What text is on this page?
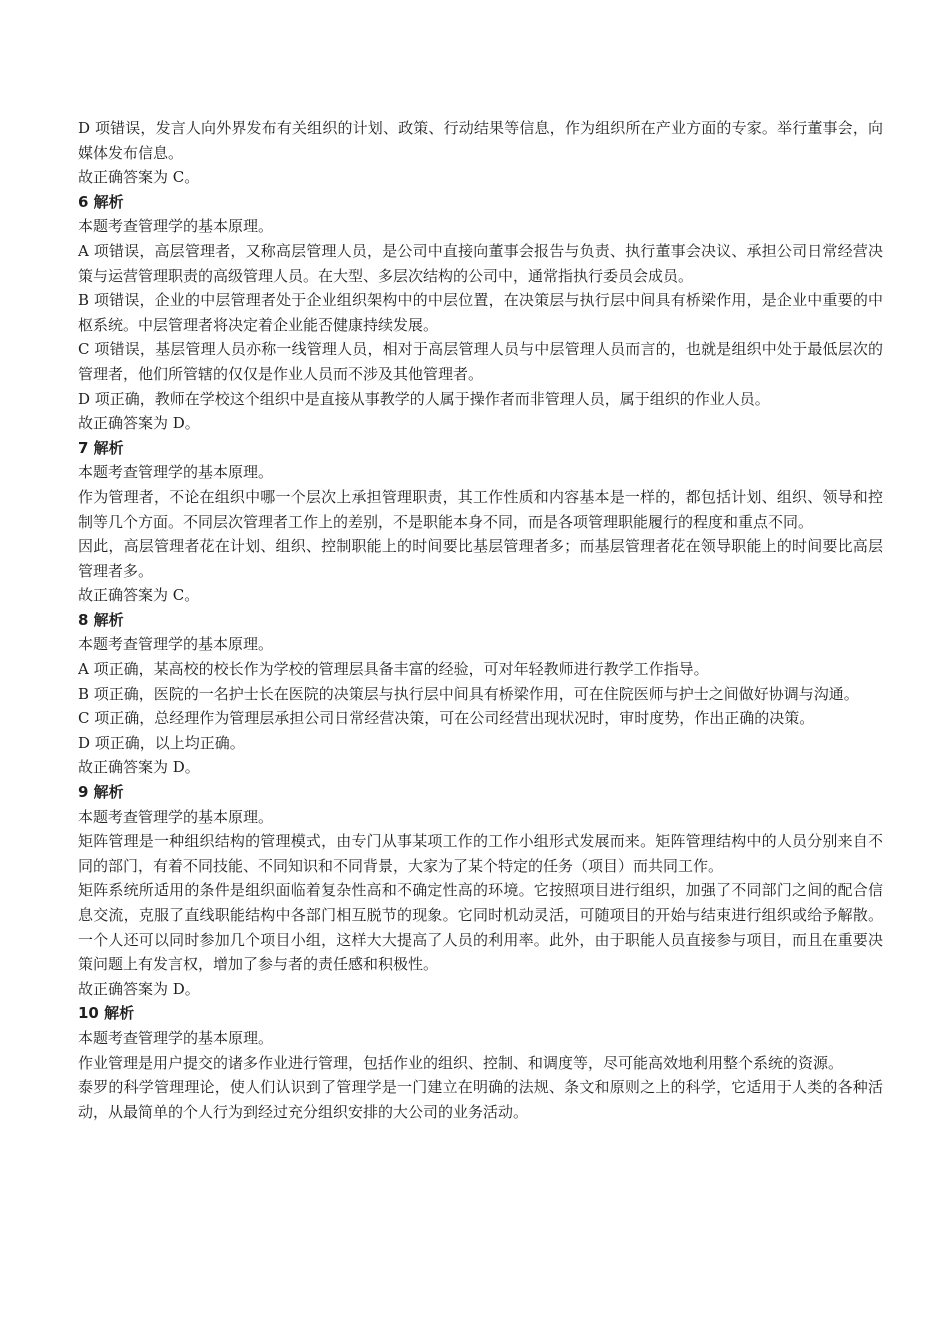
D 项错误，发言人向外界发布有关组织的计划、政策、行动结果等信息，作为组织所在产业方面的专家。举行董事会，向媒体发布信息。

故正确答案为 C。

6 解析

本题考查管理学的基本原理。

A 项错误，高层管理者，又称高层管理人员，是公司中直接向董事会报告与负责、执行董事会决议、承担公司日常经营决策与运营管理职责的高级管理人员。在大型、多层次结构的公司中，通常指执行委员会成员。

B 项错误，企业的中层管理者处于企业组织架构中的中层位置，在决策层与执行层中间具有桥梁作用，是企业中重要的中枢系统。中层管理者将决定着企业能否健康持续发展。

C 项错误，基层管理人员亦称一线管理人员，相对于高层管理人员与中层管理人员而言的，也就是组织中处于最低层次的管理者，他们所管辖的仅仅是作业人员而不涉及其他管理者。

D 项正确，教师在学校这个组织中是直接从事教学的人属于操作者而非管理人员，属于组织的作业人员。

故正确答案为 D。

7 解析

本题考查管理学的基本原理。

作为管理者，不论在组织中哪一个层次上承担管理职责，其工作性质和内容基本是一样的，都包括计划、组织、领导和控制等几个方面。不同层次管理者工作上的差别，不是职能本身不同，而是各项管理职能履行的程度和重点不同。

因此，高层管理者花在计划、组织、控制职能上的时间要比基层管理者多；而基层管理者花在领导职能上的时间要比高层管理者多。

故正确答案为 C。

8 解析

本题考查管理学的基本原理。

A 项正确，某高校的校长作为学校的管理层具备丰富的经验，可对年轻教师进行教学工作指导。

B 项正确，医院的一名护士长在医院的决策层与执行层中间具有桥梁作用，可在住院医师与护士之间做好协调与沟通。

C 项正确，总经理作为管理层承担公司日常经营决策，可在公司经营出现状况时，审时度势，作出正确的决策。

D 项正确，以上均正确。

故正确答案为 D。

9 解析

本题考查管理学的基本原理。

矩阵管理是一种组织结构的管理模式，由专门从事某项工作的工作小组形式发展而来。矩阵管理结构中的人员分别来自不同的部门，有着不同技能、不同知识和不同背景，大家为了某个特定的任务（项目）而共同工作。

矩阵系统所适用的条件是组织面临着复杂性高和不确定性高的环境。它按照项目进行组织，加强了不同部门之间的配合信息交流，克服了直线职能结构中各部门相互脱节的现象。它同时机动灵活，可随项目的开始与结束进行组织或给予解散。一个人还可以同时参加几个项目小组，这样大大提高了人员的利用率。此外，由于职能人员直接参与项目，而且在重要决策问题上有发言权，增加了参与者的责任感和积极性。

故正确答案为 D。

10 解析

本题考查管理学的基本原理。

作业管理是用户提交的诸多作业进行管理，包括作业的组织、控制、和调度等，尽可能高效地利用整个系统的资源。

泰罗的科学管理理论，使人们认识到了管理学是一门建立在明确的法规、条文和原则之上的科学，它适用于人类的各种活动，从最简单的个人行为到经过充分组织安排的大公司的业务活动。
